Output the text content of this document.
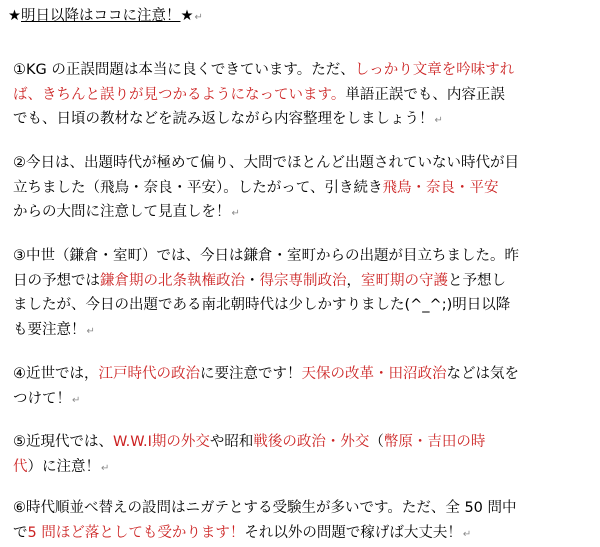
★明日以降はココに注意！★↵
①KG の正誤問題は本当に良くできています。ただ、しっかり文章を吟味すれ
ば、きちんと誤りが見つかるようになっています。単語正誤でも、内容正誤
でも、日頃の教材などを読み返しながら内容整理をしましょう！↵
②今日は、出題時代が極めて偏り、大問でほとんど出題されていない時代が目
立ちました（飛鳥・奈良・平安）。したがって、引き続き飛鳥・奈良・平安
からの大問に注意して見直しを！↵
③中世（鎌倉・室町）では、今日は鎌倉・室町からの出題が目立ちました。昨
日の予想では鎌倉期の北条執権政治・得宗専制政治，室町期の守護と予想し
ましたが、今日の出題である南北朝時代は少しかすりました(^_^;)明日以降
も要注意！↵
④近世では，江戸時代の政治に要注意です！天保の改革・田沼政治などは気を
つけて！↵
⑤近現代では、W.W.Ⅰ期の外交や昭和戦後の政治・外交（幣原・吉田の時
代）に注意！↵
⑥時代順並べ替えの設問はニガテとする受験生が多いです。ただ、全 50 問中
で5 問ほど落としても受かります！それ以外の問題で稼げば大丈夫！↵
